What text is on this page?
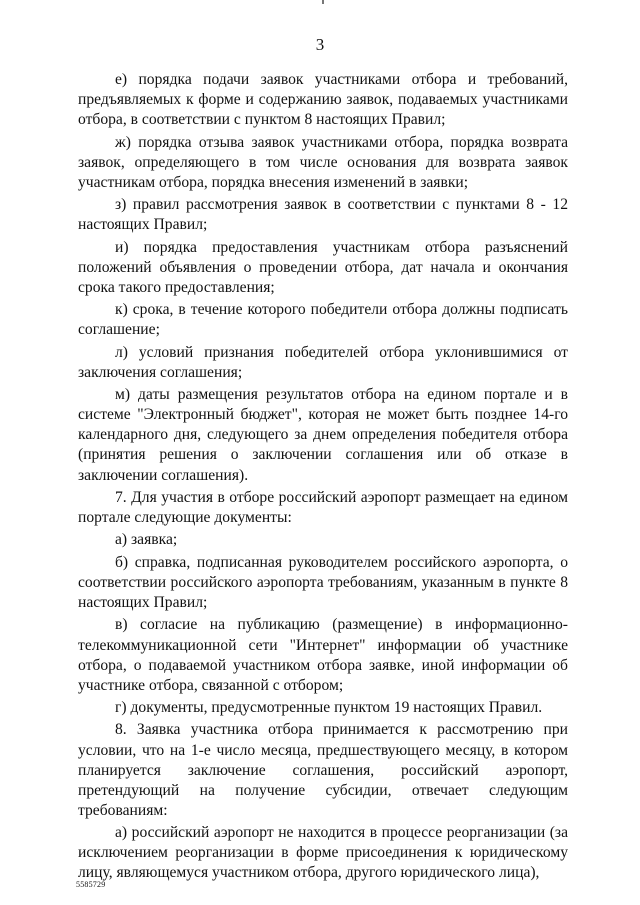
3

е) порядка подачи заявок участниками отбора и требований, предъявляемых к форме и содержанию заявок, подаваемых участниками отбора, в соответствии с пунктом 8 настоящих Правил;

ж) порядка отзыва заявок участниками отбора, порядка возврата заявок, определяющего в том числе основания для возврата заявок участникам отбора, порядка внесения изменений в заявки;

з) правил рассмотрения заявок в соответствии с пунктами 8 - 12 настоящих Правил;

и) порядка предоставления участникам отбора разъяснений положений объявления о проведении отбора, дат начала и окончания срока такого предоставления;

к) срока, в течение которого победители отбора должны подписать соглашение;

л) условий признания победителей отбора уклонившимися от заключения соглашения;

м) даты размещения результатов отбора на едином портале и в системе "Электронный бюджет", которая не может быть позднее 14-го календарного дня, следующего за днем определения победителя отбора (принятия решения о заключении соглашения или об отказе в заключении соглашения).

7. Для участия в отборе российский аэропорт размещает на едином портале следующие документы:

а) заявка;

б) справка, подписанная руководителем российского аэропорта, о соответствии российского аэропорта требованиям, указанным в пункте 8 настоящих Правил;

в) согласие на публикацию (размещение) в информационно-телекоммуникационной сети "Интернет" информации об участнике отбора, о подаваемой участником отбора заявке, иной информации об участнике отбора, связанной с отбором;

г) документы, предусмотренные пунктом 19 настоящих Правил.

8. Заявка участника отбора принимается к рассмотрению при условии, что на 1-е число месяца, предшествующего месяцу, в котором планируется заключение соглашения, российский аэропорт, претендующий на получение субсидии, отвечает следующим требованиям:

а) российский аэропорт не находится в процессе реорганизации (за исключением реорганизации в форме присоединения к юридическому лицу, являющемуся участником отбора, другого юридического лица),

5585729
